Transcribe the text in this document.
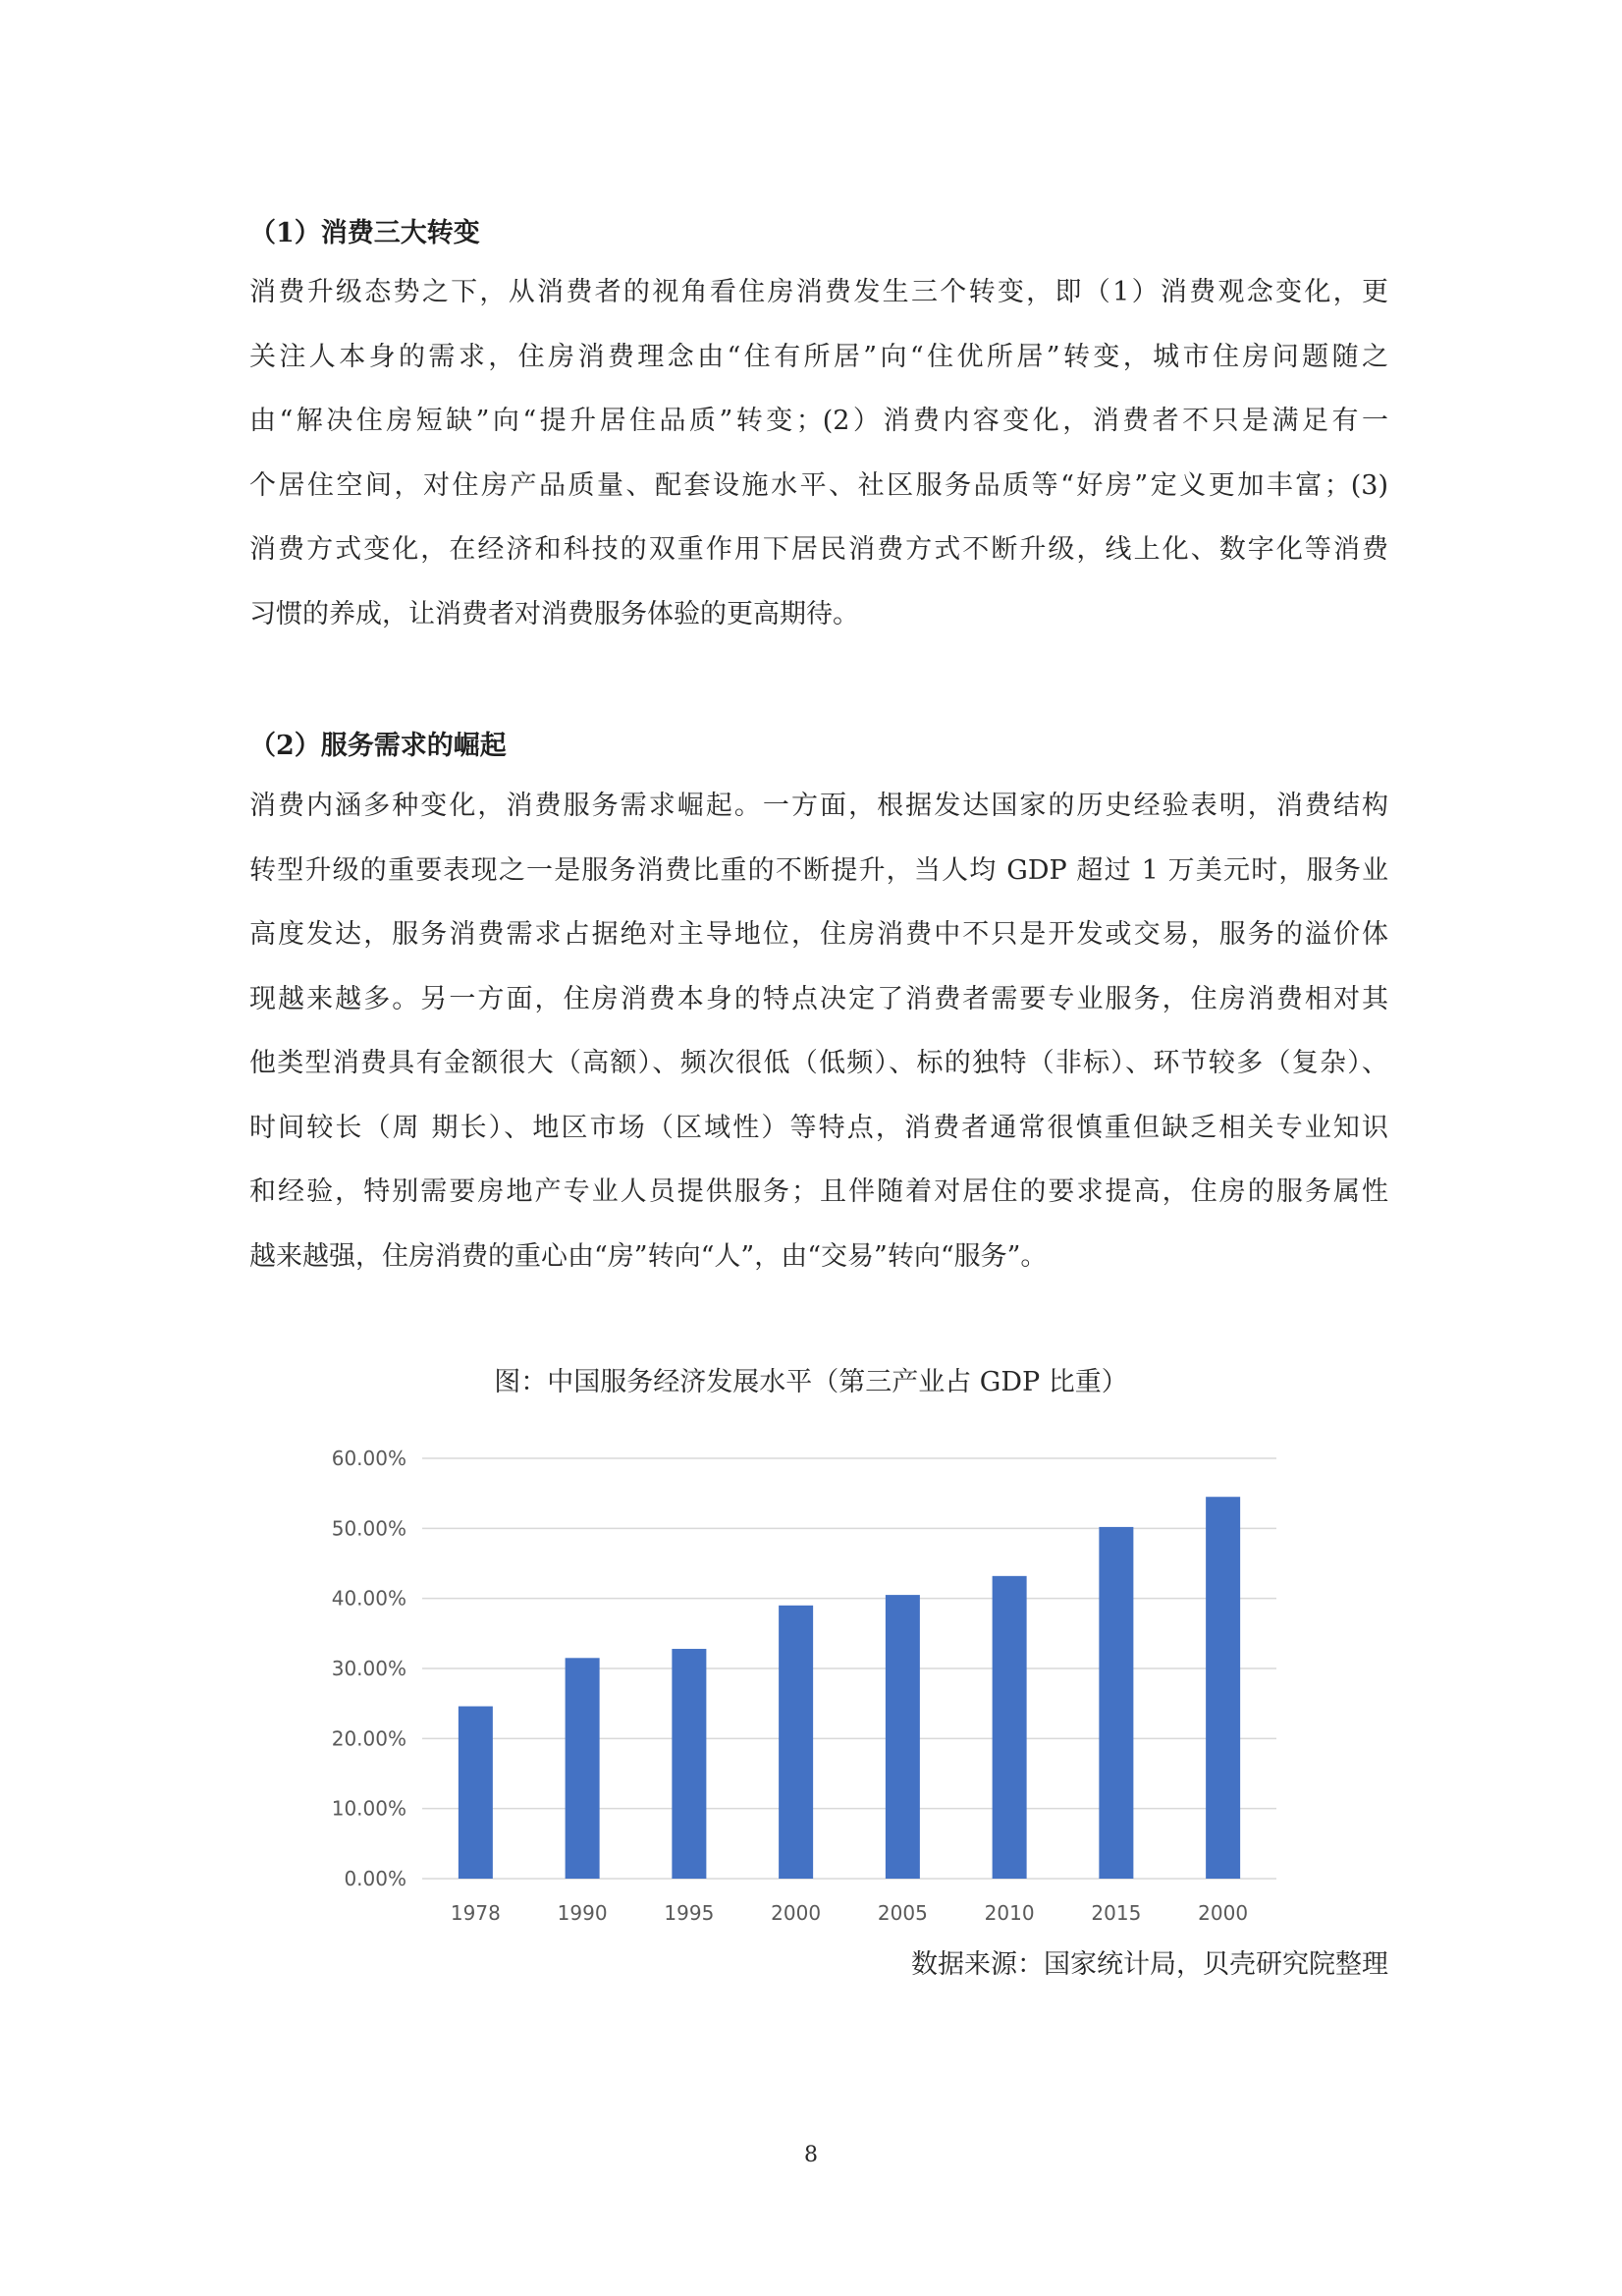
（1）消费三大转变
消费升级态势之下，从消费者的视角看住房消费发生三个转变，即（1）消费观念变化，更
关注人本身的需求，住房消费理念由“住有所居”向“住优所居”转变，城市住房问题随之
由“解决住房短缺”向“提升居住品质”转变；(2）消费内容变化，消费者不只是满足有一
个居住空间，对住房产品质量、配套设施水平、社区服务品质等“好房”定义更加丰富；(3)
消费方式变化，在经济和科技的双重作用下居民消费方式不断升级，线上化、数字化等消费
习惯的养成，让消费者对消费服务体验的更高期待。
（2）服务需求的崛起
消费内涵多种变化，消费服务需求崛起。一方面，根据发达国家的历史经验表明，消费结构
转型升级的重要表现之一是服务消费比重的不断提升，当人均 GDP 超过 1 万美元时，服务业
高度发达，服务消费需求占据绝对主导地位，住房消费中不只是开发或交易，服务的溢价体
现越来越多。另一方面，住房消费本身的特点决定了消费者需要专业服务，住房消费相对其
他类型消费具有金额很大（高额）、频次很低（低频）、标的独特（非标）、环节较多（复杂）、
时间较长（周 期长）、地区市场（区域性）等特点，消费者通常很慎重但缺乏相关专业知识
和经验，特别需要房地产专业人员提供服务；且伴随着对居住的要求提高，住房的服务属性
越来越强，住房消费的重心由“房”转向“人”，由“交易”转向“服务”。
图：中国服务经济发展水平（第三产业占 GDP 比重）
0.00%
10.00%
20.00%
30.00%
40.00%
50.00%
60.00%
1978	1990	1995	2000	2005	2010	2015	2000
数据来源：国家统计局，贝壳研究院整理
8
